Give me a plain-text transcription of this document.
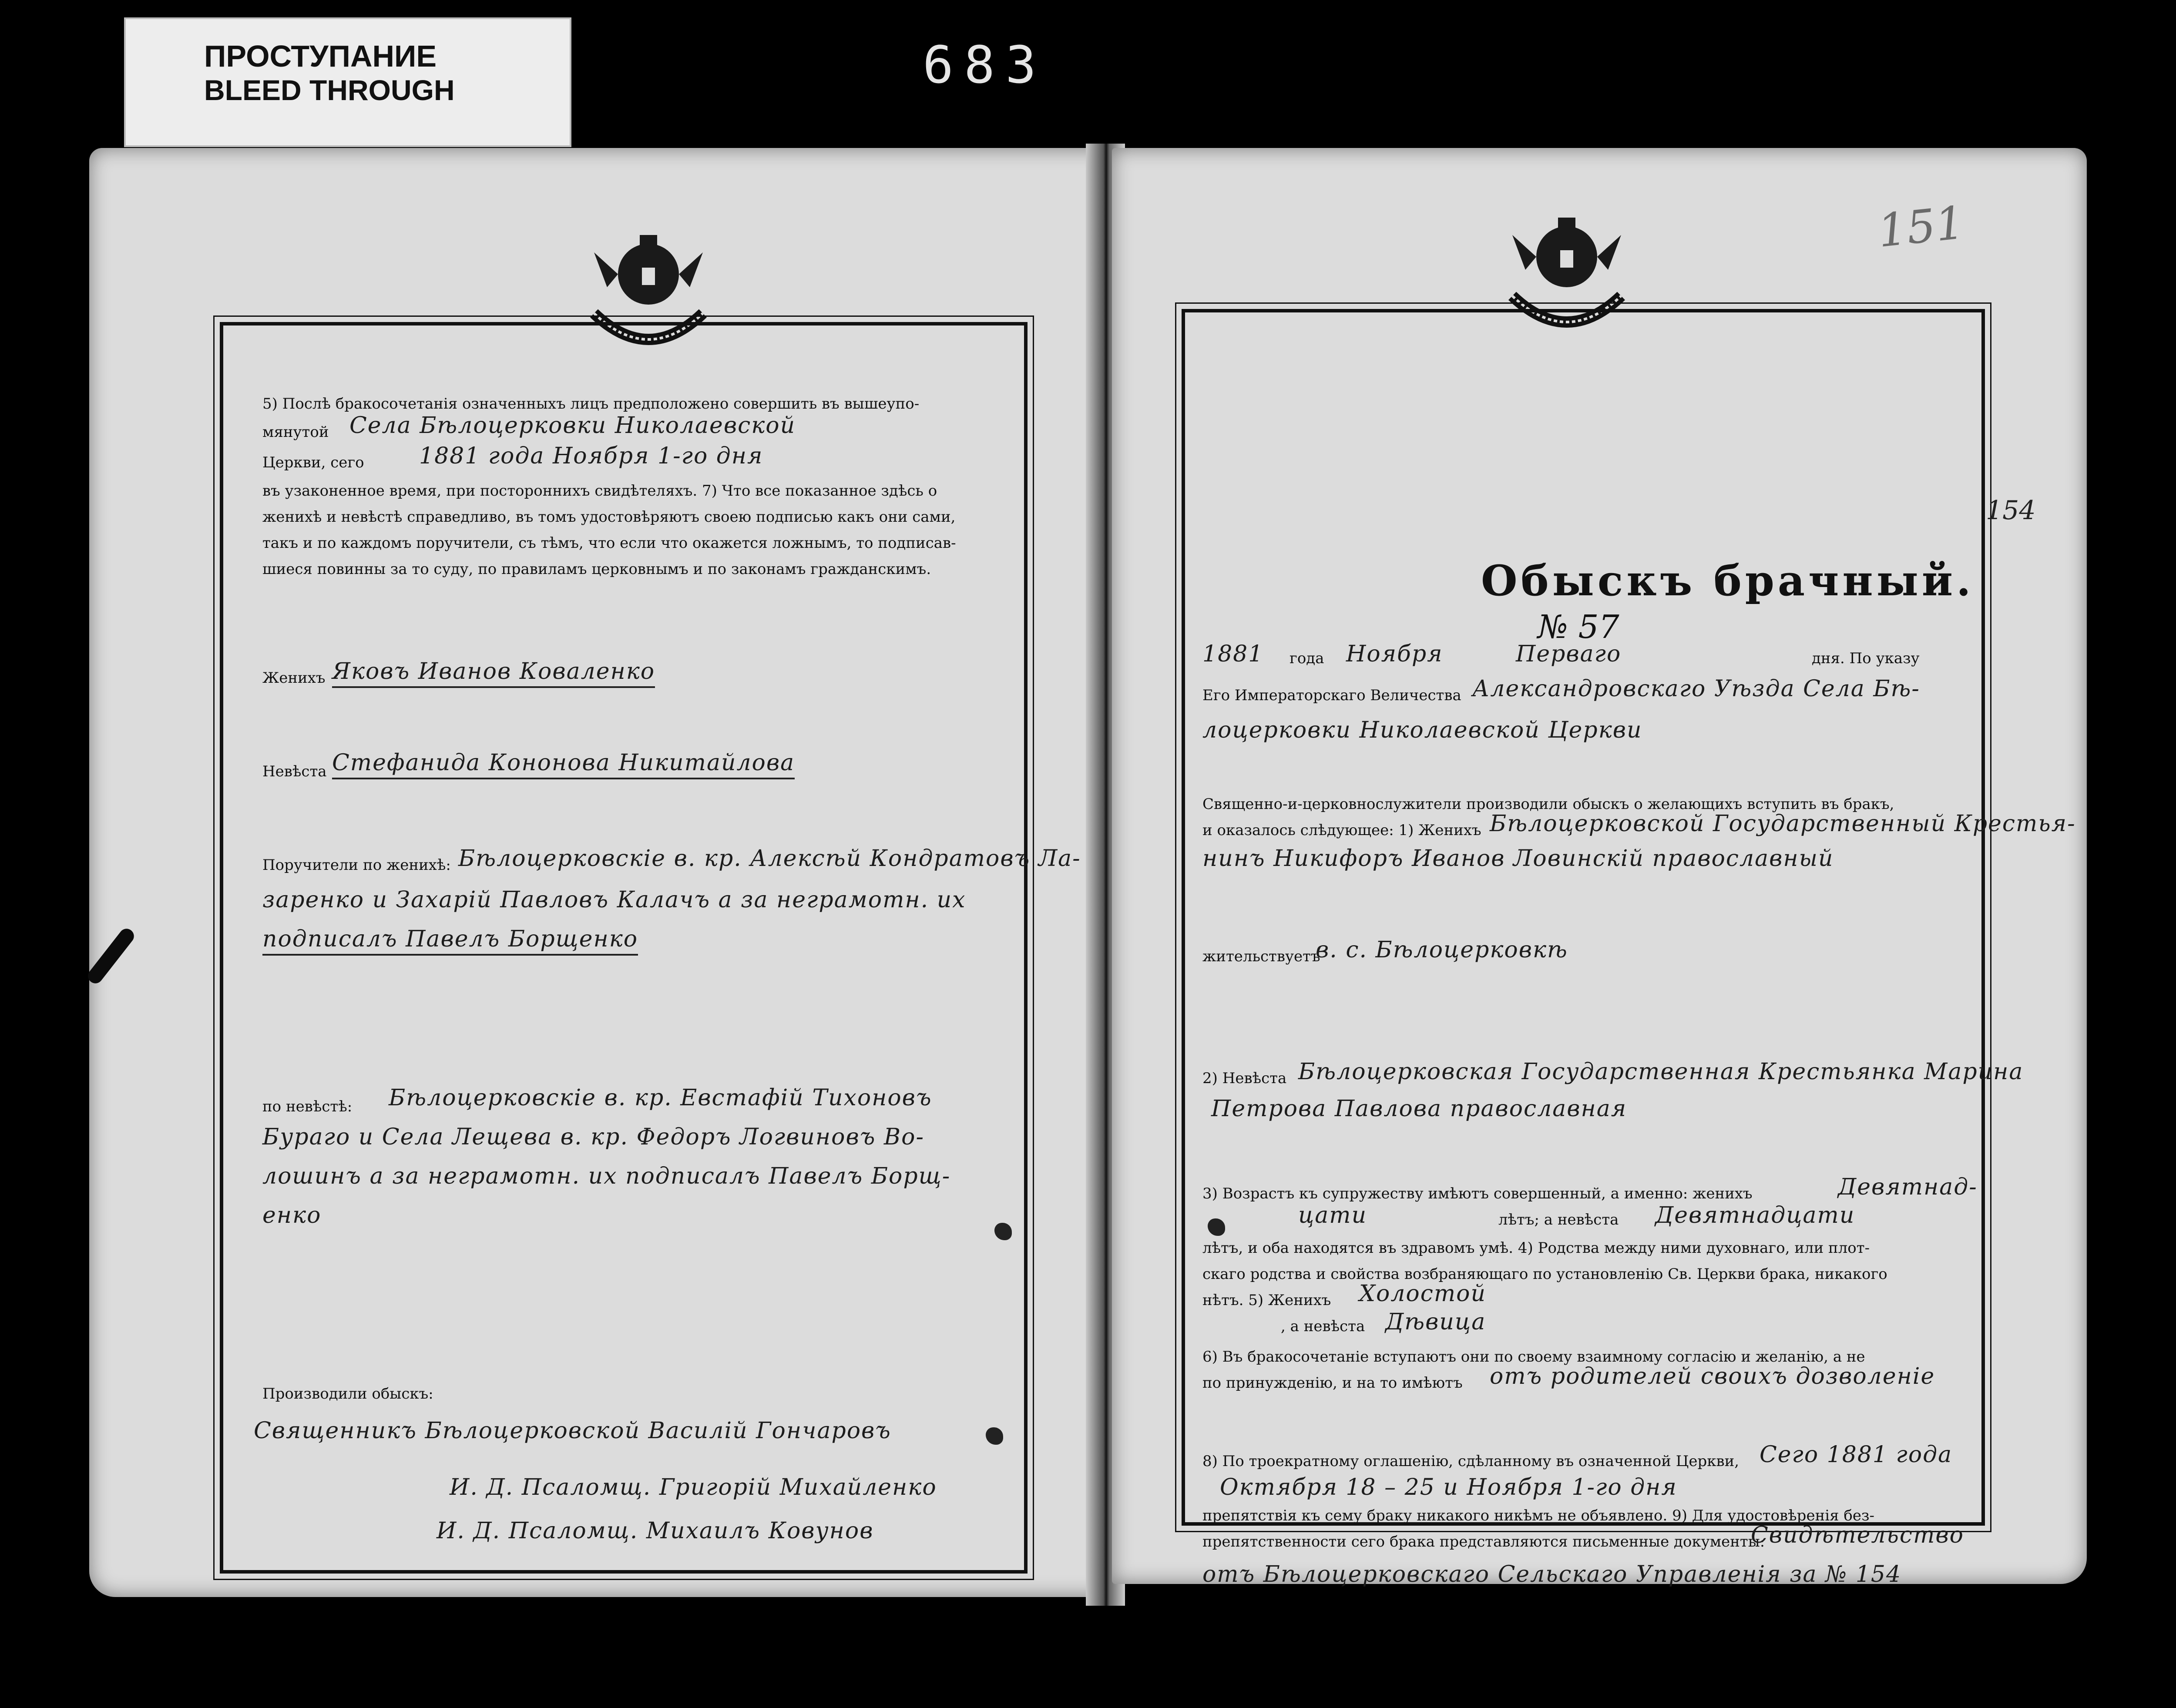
ПРОСТУПАНИЕ
BLEED THROUGH	683
5) Послѣ бракосочетанія означенныхъ лицъ предположено совершить въ вышеупо-
мянутой Села Бѣлоцерковки Николаевской
Церкви, сего 1881 года Ноября 1-го дня
въ узаконенное время, при постороннихъ свидѣтеляхъ. 7) Что все показанное здѣсь о
женихѣ и невѣстѣ справедливо, въ томъ удостовѣряютъ своею подписью какъ они сами,
такъ и по каждомъ поручители, съ тѣмъ, что если что окажется ложнымъ, то подписав-
шиеся повинны за то суду, по правиламъ церковнымъ и по законамъ гражданскимъ.
Женихъ Яковъ Иванов Коваленко
Невѣста Стефанида Кононова Никитайлова
Поручители по женихѣ: Бѣлоцерковскiе в. кр. Алексѣй Кондратовъ Ла-
заренко и Захарiй Павловъ Калачъ а за неграмотн. их
подписалъ Павелъ Борщенко
по невѣстѣ: Бѣлоцерковскiе в. кр. Евстафiй Тихоновъ
Бураго и Села Лещева в. кр. Федоръ Логвиновъ Во-
лошинъ а за неграмотн. их подписалъ Павелъ Борщ-
енко
Производили обыскъ:
Священникъ Бѣлоцерковской Василiй Гончаровъ
И. Д. Псаломщ. Григорiй Михайленко
И. Д. Псаломщ. Михаилъ Ковунов
151
154
Обыскъ брачный.
№ 57
1881 года Ноября	Перваго	дня. По указу
Его Императорскаго Величества Александровскаго Уѣзда Села Бѣ-
лоцерковки Николаевской Церкви
Священно-и-церковнослужители производили обыскъ о желающихъ вступить въ бракъ,
и оказалось слѣдующее: 1) Женихъ Бѣлоцерковской Государственный Крестья-
нинъ Никифоръ Иванов Ловинскiй православный
жительствуетъ
в. с. Бѣлоцерковкѣ
2) Невѣста Бѣлоцерковская Государственная Крестьянка Марина
Петрова Павлова православная
3) Возрастъ къ супружеству имѣютъ совершенный, а именно: женихъ	Девятнад-
цати	лѣтъ; а невѣста Девятнадцати
лѣтъ, и оба находятся въ здравомъ умѣ. 4) Родства между ними духовнаго, или плот-
скаго родства и свойства возбраняющаго по установленію Св. Церкви брака, никакого
нѣтъ. 5) Женихъ Холостой
, а невѣста Дѣвица
6) Въ бракосочетаніе вступаютъ они по своему взаимному согласію и желанію, а не
по принужденію, и на то имѣютъ отъ родителей своихъ дозволенiе
8) По троекратному оглашенію, сдѣланному въ означенной Церкви, Сего 1881 года
Октября 18 – 25 и Ноября 1-го дня
препятствія къ сему браку никакого никѣмъ не объявлено. 9) Для удостовѣренія без-
препятственности сего брака представляются письменные документы:
Свидѣтельство
отъ Бѣлоцерковскаго Сельскаго Управленiя за № 154
